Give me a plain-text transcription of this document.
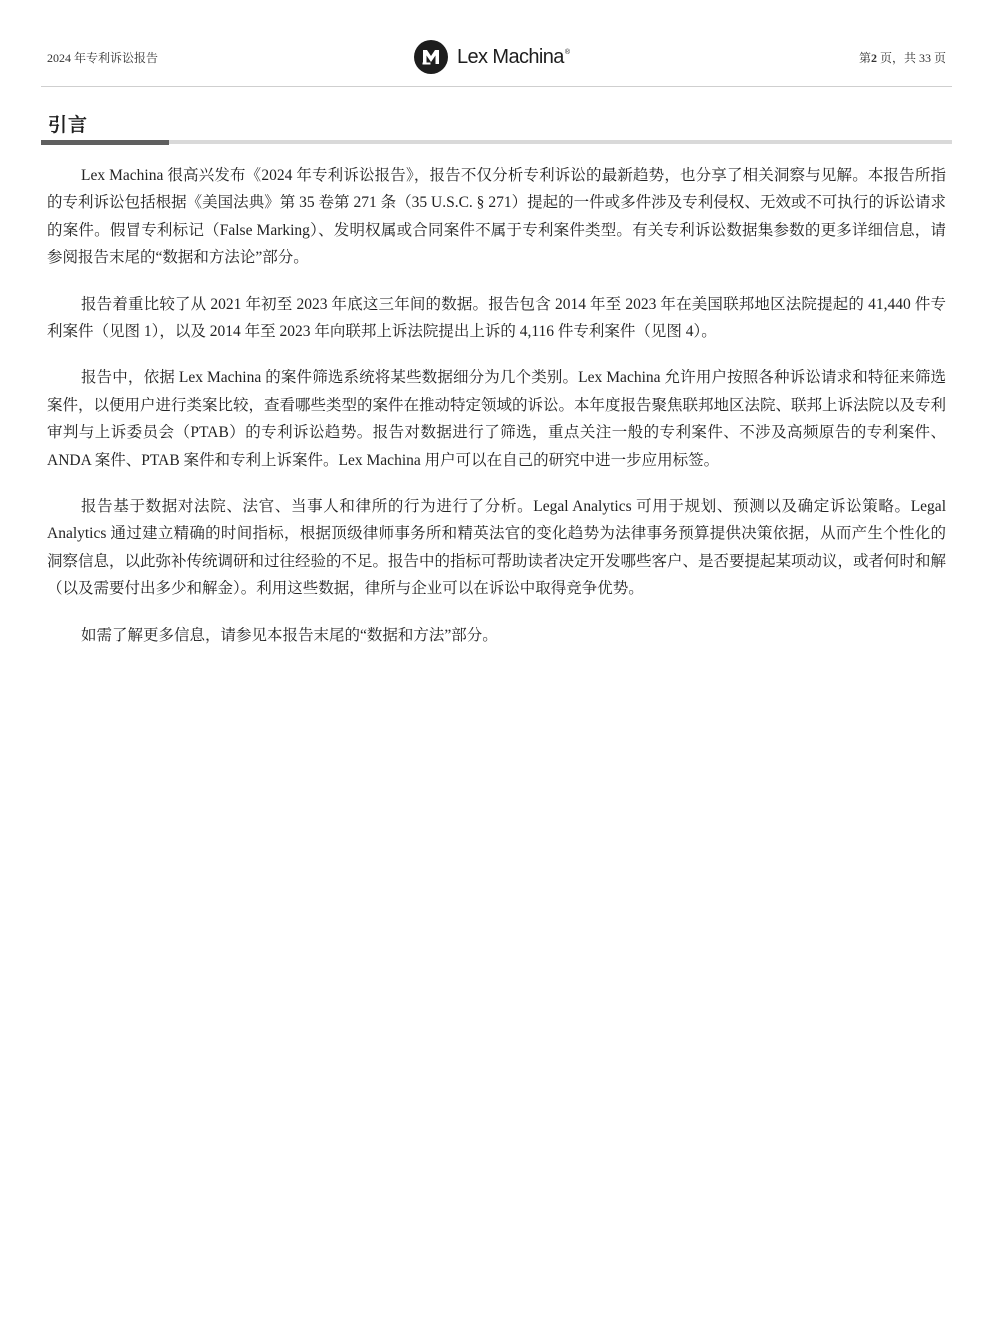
2024 年专利诉讼报告	Lex Machina®	第2 页，共 33 页
引言

Lex Machina 很高兴发布《2024 年专利诉讼报告》，报告不仅分析专利诉讼的最新趋势，也分享了相关洞察与见解。本报告所指的专利诉讼包括根据《美国法典》第 35 卷第 271 条（35 U.S.C. § 271）提起的一件或多件涉及专利侵权、无效或不可执行的诉讼请求的案件。假冒专利标记（False Marking）、发明权属或合同案件不属于专利案件类型。有关专利诉讼数据集参数的更多详细信息，请参阅报告末尾的“数据和方法论”部分。

报告着重比较了从 2021 年初至 2023 年底这三年间的数据。报告包含 2014 年至 2023 年在美国联邦地区法院提起的 41,440 件专利案件（见图 1），以及 2014 年至 2023 年向联邦上诉法院提出上诉的 4,116 件专利案件（见图 4）。

报告中，依据 Lex Machina 的案件筛选系统将某些数据细分为几个类别。Lex Machina 允许用户按照各种诉讼请求和特征来筛选案件，以便用户进行类案比较，查看哪些类型的案件在推动特定领域的诉讼。本年度报告聚焦联邦地区法院、联邦上诉法院以及专利审判与上诉委员会（PTAB）的专利诉讼趋势。报告对数据进行了筛选，重点关注一般的专利案件、不涉及高频原告的专利案件、ANDA 案件、PTAB 案件和专利上诉案件。Lex Machina 用户可以在自己的研究中进一步应用标签。

报告基于数据对法院、法官、当事人和律所的行为进行了分析。Legal Analytics 可用于规划、预测以及确定诉讼策略。Legal Analytics 通过建立精确的时间指标，根据顶级律师事务所和精英法官的变化趋势为法律事务预算提供决策依据，从而产生个性化的洞察信息，以此弥补传统调研和过往经验的不足。报告中的指标可帮助读者决定开发哪些客户、是否要提起某项动议，或者何时和解（以及需要付出多少和解金）。利用这些数据，律所与企业可以在诉讼中取得竞争优势。

如需了解更多信息，请参见本报告末尾的“数据和方法”部分。
